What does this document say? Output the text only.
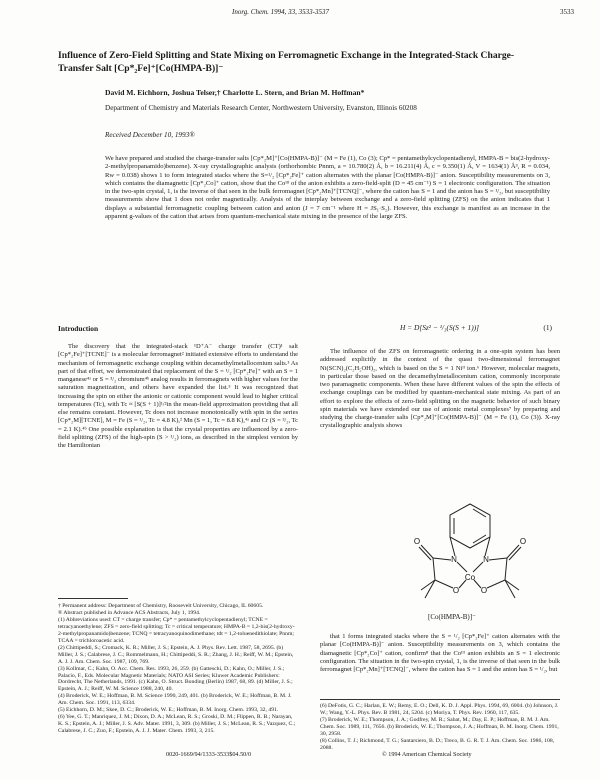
Inorg. Chem. 1994, 33, 3533-3537	3533
Influence of Zero-Field Splitting and State Mixing on Ferromagnetic Exchange in the Integrated-Stack Charge-Transfer Salt [Cp*₂Fe]⁺[Co(HMPA-B)]⁻
David M. Eichhorn, Joshua Telser,† Charlotte L. Stern, and Brian M. Hoffman*
Department of Chemistry and Materials Research Center, Northwestern University, Evanston, Illinois 60208
Received December 10, 1993®
We have prepared and studied the charge-transfer salts [Cp*₂M]⁺[Co(HMPA-B)]⁻ (M = Fe (1), Co (3); Cp* = pentamethylcyclopentadienyl, HMPA-B = bis(2-hydroxy-2-methylpropanamido)benzene). X-ray crystallographic analysis (orthorhombic Pnnm, a = 10.780(2) Å, b = 16.211(4) Å, c = 9.350(1) Å, V = 1634(1) Å³, R = 0.034, Rw = 0.038) shows 1 to form integrated stacks where the S=¹/₂ [Cp*₂Fe]⁺ cation alternates with the planar [Co(HMPA-B)]⁻ anion. Susceptibility measurements on 3, which contains the diamagnetic [Cp*₂Co]⁺ cation, show that the Coᴵᴵᴵ of the anion exhibits a zero-field-split (D = 45 cm⁻¹) S = 1 electronic configuration. The situation in the two-spin crystal, 1, is the inverse of that seen in the bulk ferromagnet [Cp*₂Mn]⁺[TCNQ]⁻, where the cation has S = 1 and the anion has S = ¹/₂, but susceptibility measurements show that 1 does not order magnetically. Analysis of the interplay between exchange and a zero-field splitting (ZFS) on the anion indicates that 1 displays a substantial ferromagnetic coupling between cation and anion (J = 7 cm⁻¹ where H = JS₁·S₂). However, this exchange is manifest as an increase in the apparent g-values of the cation that arises from quantum-mechanical state mixing in the presence of the large ZFS.
Introduction

The discovery that the integrated-stack ¹D⁺A⁻ charge transfer (CT)¹ salt [Cp*₂Fe]⁺[TCNE]⁻ is a molecular ferromagnet² initiated extensive efforts to understand the mechanism of ferromagnetic exchange coupling within decamethylmetallocenium salts.³ As part of that effort, we demonstrated that replacement of the S = ¹/₂ [Cp*₂Fe]⁺ with an S = 1 manganese⁴ᵃ or S = ³/₂ chromium⁴ᵇ analog results in ferromagnets with higher values for the saturation magnetization, and others have expanded the list.⁵ It was recognized that increasing the spin on either the anionic or cationic component would lead to higher critical temperatures (Tc), with Tc ≈ [S(S + 1)]¹/²in the mean-field approximation providing that all else remains constant. However, Tc does not increase monotonically with spin in the series [Cp*₂M][TCNE], M = Fe (S = ¹/₂, Tc = 4.8 K),² Mn (S = 1, Tc = 8.8 K),⁴ᵃ and Cr (S = ³/₂, Tc = 2.1 K).⁴ᵇ One possible explanation is that the crystal properties are influenced by a zero-field splitting (ZFS) of the high-spin (S > ¹/₂) ions, as described in the simplest version by the Hamiltonian

H = D[Sz² − ¹/₃(S(S + 1))]	(1)

The influence of the ZFS on ferromagnetic ordering in a one-spin system has been addressed explicitly in the context of the quasi two-dimensional ferromagnet Ni(SCN)₂(C₂H₅OH)₂, which is based on the S = 1 Niᴵᴵ ion.⁶ However, molecular magnets, in particular those based on the decamethylmetallocenium cation, commonly incorporate two paramagnetic components. When these have different values of the spin the effects of exchange couplings can be modified by quantum-mechanical state mixing. As part of an effort to explore the effects of zero-field splitting on the magnetic behavior of such binary spin materials we have extended our use of anionic metal complexes⁷ by preparing and studying the charge-transfer salts [Cp*₂M]⁺[Co(HMPA-B)]⁻ (M = Fe (1), Co (3)). X-ray crystallographic analysis shows

N	N
Co
O	O
O	O
[Co(HMPA-B)]⁻

that 1 forms integrated stacks where the S = ¹/₂ [Cp*₂Fe]⁺ cation alternates with the planar [Co(HMPA-B)]⁻ anion. Susceptibility measurements on 3, which contains the diamagnetic [Cp*₂Co]⁺ cation, confirm⁸ that the Coᴵᴵᴵ anion exhibits an S = 1 electronic configuration. The situation in the two-spin crystal, 1, is the inverse of that seen in the bulk ferromagnet [Cp*₂Mn]⁺[TCNQ]⁻, where the cation has S = 1 and the anion has S = ¹/₂, but

† Permanent address: Department of Chemistry, Roosevelt University, Chicago, IL 60605.
® Abstract published in Advance ACS Abstracts, July 1, 1994.
(1) Abbreviations used: CT = charge transfer; Cp* = pentamethylcyclopentadienyl; TCNE = tetracyanoethylene; ZFS = zero-field splitting; Tc = critical temperature; HMPA-B = 1,2-bis(2-hydroxy-2-methylpropanamido)benzene; TCNQ = tetracyanoquinodimethane; tdt = 1,2-toluenedithiolate; Pnnm; TCAA = trichloroacetic acid.
(2) Chittipeddi, S.; Cromack, K. R.; Miller, J. S.; Epstein, A. J. Phys. Rev. Lett. 1987, 58, 2695. (b) Miller, J. S.; Calabrese, J. C.; Rommelmann, H.; Chittipeddi, S. R.; Zhang, J. H.; Reiff, W. M.; Epstein, A. J. J. Am. Chem. Soc. 1987, 109, 769.
(3) Kollmar, C.; Kahn, O. Acc. Chem. Res. 1993, 26, 259. (b) Gatteschi, D.; Kahn, O.; Miller, J. S.; Palacio, F., Eds. Molecular Magnetic Materials; NATO ASI Series; Kluwer Academic Publishers: Dordrecht, The Netherlands, 1991. (c) Kahn, O. Struct. Bonding (Berlin) 1987, 68, 89. (d) Miller, J. S.; Epstein, A. J.; Reiff, W. M. Science 1988, 240, 40.
(4) Broderick, W. E.; Hoffman, B. M. Science 1990, 249, 401. (b) Broderick, W. E.; Hoffman, B. M. J. Am. Chem. Soc. 1991, 113, 6334.
(5) Eichhorn, D. M.; Skee, D. C.; Broderick, W. E.; Hoffman, B. M. Inorg. Chem. 1993, 32, 491.
(6) Yee, G. T.; Manriquez, J. M.; Dixon, D. A.; McLean, R. S.; Groski, D. M.; Flippen, R. B.; Narayan, K. S.; Epstein, A. J.; Miller, J. S. Adv. Mater. 1991, 3, 309. (b) Miller, J. S.; McLean, R. S.; Vazquez, C.; Calabrese, J. C.; Zuo, F.; Epstein, A. J. J. Mater. Chem. 1993, 3, 215.
(6) DeFotis, G. C.; Harlan, E. W.; Remy, E. O.; Dell, K. D. J. Appl. Phys. 1994, 69, 6004. (b) Johnson, J. W.; Wang, Y.-L. Phys. Rev. B 1981, 24, 5204. (c) Moriya, T. Phys. Rev. 1960, 117, 635.
(7) Broderick, W. E.; Thompson, J. A.; Godfrey, M. R.; Sabat, M.; Day, E. P.; Hoffman, B. M. J. Am. Chem. Soc. 1989, 111, 7656. (b) Broderick, W. E.; Thompson, J. A.; Hoffman, B. M. Inorg. Chem. 1991, 30, 2958.
(8) Collins, T. J.; Richmond, T. G.; Santarsiero, B. D.; Treco, B. G. R. T. J. Am. Chem. Soc. 1986, 108, 2088.
0020-1669/94/1333-3533$04.50/0	© 1994 American Chemical Society
